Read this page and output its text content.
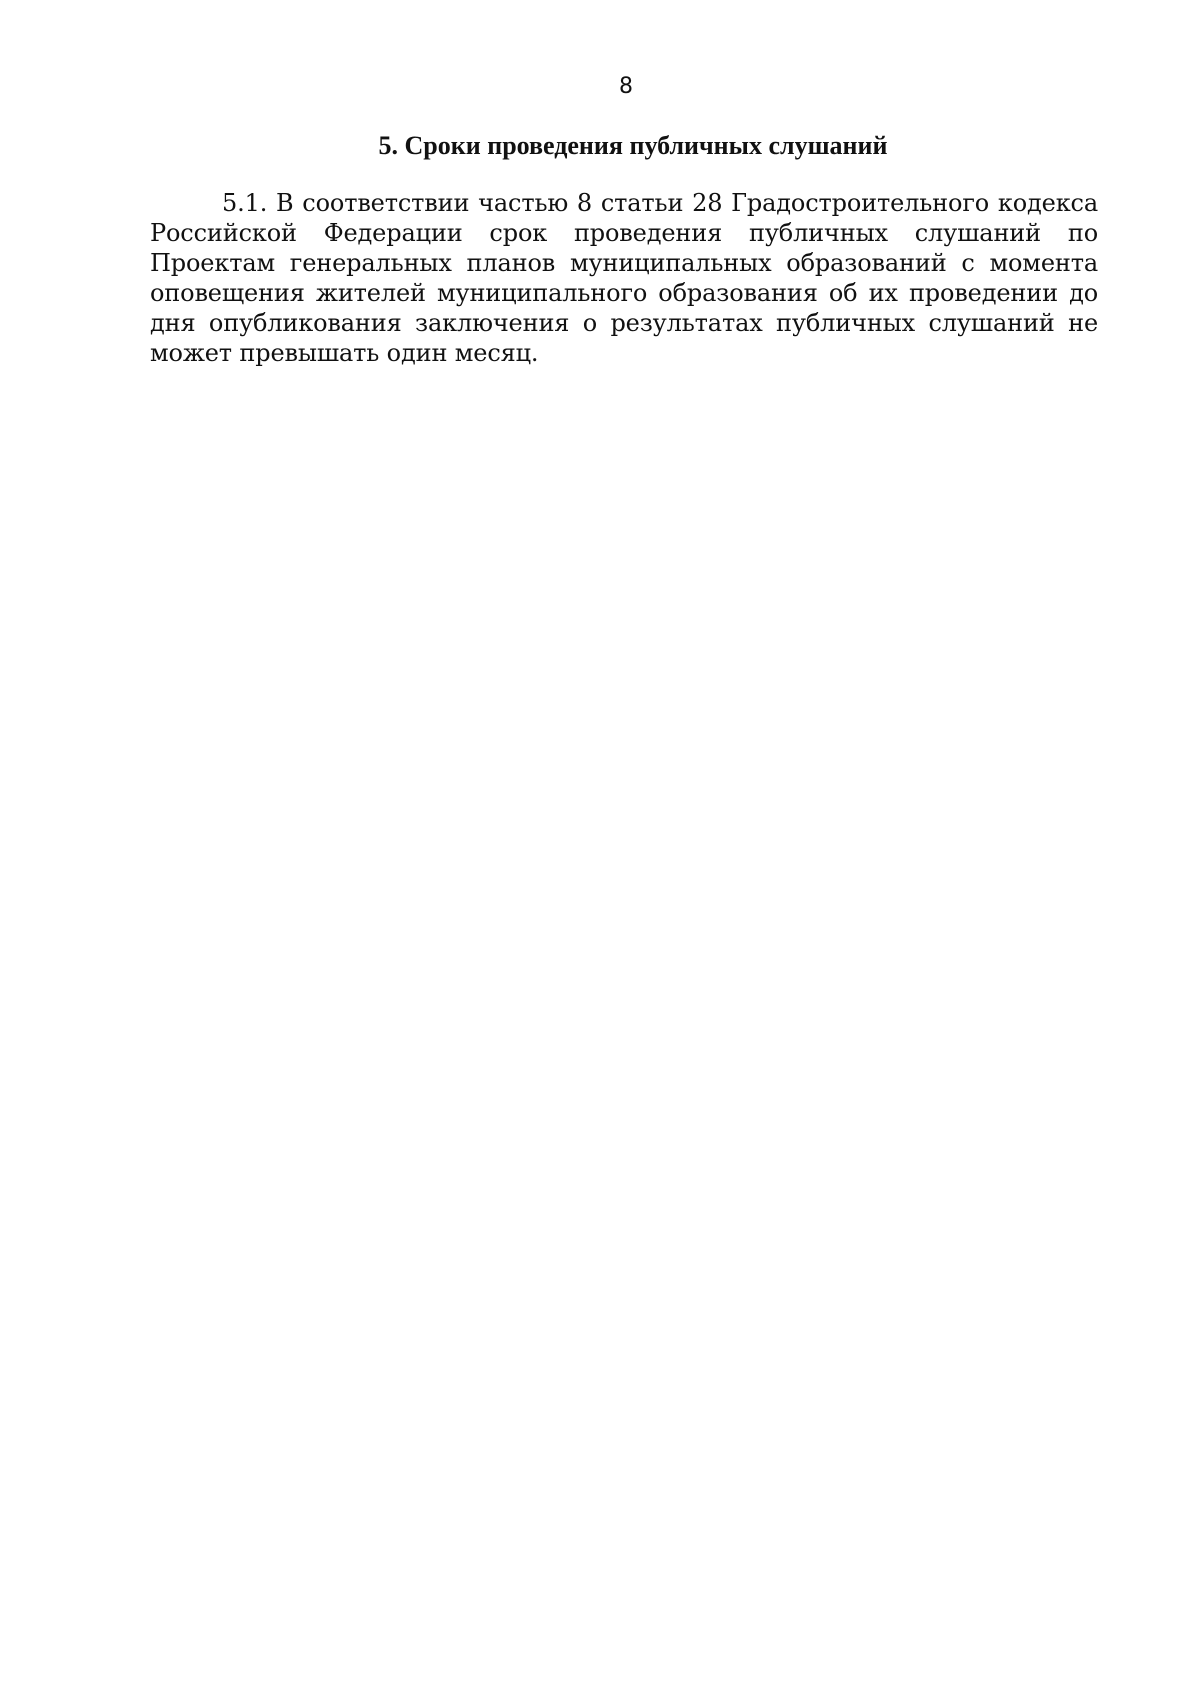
8
5. Сроки проведения публичных слушаний

5.1. В соответствии частью 8 статьи 28 Градостроительного кодекса Российской Федерации срок проведения публичных слушаний по Проектам генеральных планов муниципальных образований с момента оповещения жителей муниципального образования об их проведении до дня опубликования заключения о результатах публичных слушаний не может превышать один месяц.
